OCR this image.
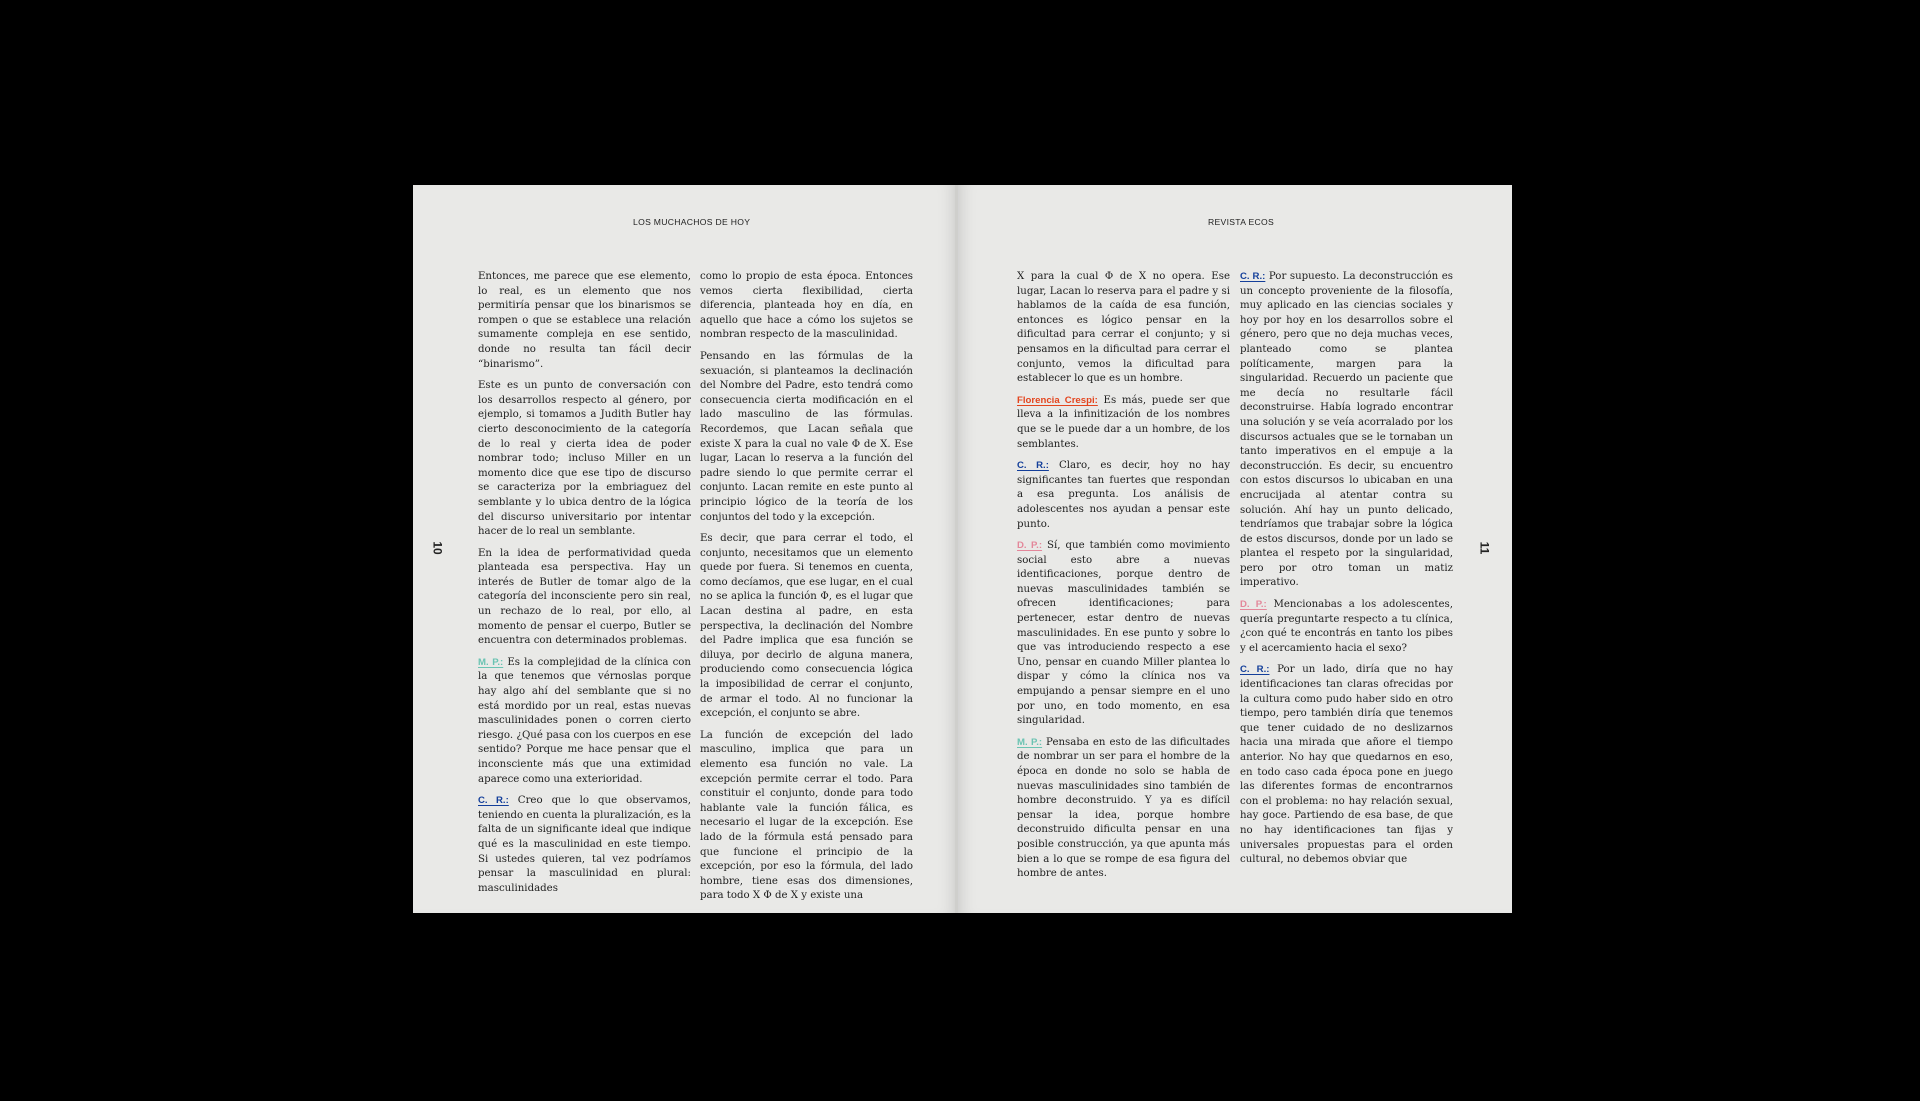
LOS MUCHACHOS DE HOY
10

Entonces, me parece que ese elemento, lo real, es un elemento que nos permitiría pensar que los binarismos se rompen o que se establece una relación sumamente compleja en ese sentido, donde no resulta tan fácil decir “binarismo”.

Este es un punto de conversación con los desarrollos respecto al género, por ejemplo, si tomamos a Judith Butler hay cierto desconocimiento de la categoría de lo real y cierta idea de poder nombrar todo; incluso Miller en un momento dice que ese tipo de discurso se caracteriza por la embriaguez del semblante y lo ubica dentro de la lógica del discurso universitario por intentar hacer de lo real un semblante.

En la idea de performatividad queda planteada esa perspectiva. Hay un interés de Butler de tomar algo de la categoría del inconsciente pero sin real, un rechazo de lo real, por ello, al momento de pensar el cuerpo, Butler se encuentra con determinados problemas.

M. P.: Es la complejidad de la clínica con la que tenemos que vérnoslas porque hay algo ahí del semblante que si no está mordido por un real, estas nuevas masculinidades ponen o corren cierto riesgo. ¿Qué pasa con los cuerpos en ese sentido? Porque me hace pensar que el inconsciente más que una extimidad aparece como una exterioridad.

C. R.: Creo que lo que observamos, teniendo en cuenta la pluralización, es la falta de un significante ideal que indique qué es la masculinidad en este tiempo. Si ustedes quieren, tal vez podríamos pensar la masculinidad en plural: masculinidades

como lo propio de esta época. Entonces vemos cierta flexibilidad, cierta diferencia, planteada hoy en día, en aquello que hace a cómo los sujetos se nombran respecto de la masculinidad.

Pensando en las fórmulas de la sexuación, si planteamos la declinación del Nombre del Padre, esto tendrá como consecuencia cierta modificación en el lado masculino de las fórmulas. Recordemos, que Lacan señala que existe X para la cual no vale Φ de X. Ese lugar, Lacan lo reserva a la función del padre siendo lo que permite cerrar el conjunto. Lacan remite en este punto al principio lógico de la teoría de los conjuntos del todo y la excepción.

Es decir, que para cerrar el todo, el conjunto, necesitamos que un elemento quede por fuera. Si tenemos en cuenta, como decíamos, que ese lugar, en el cual no se aplica la función Φ, es el lugar que Lacan destina al padre, en esta perspectiva, la declinación del Nombre del Padre implica que esa función se diluya, por decirlo de alguna manera, produciendo como consecuencia lógica la imposibilidad de cerrar el conjunto, de armar el todo. Al no funcionar la excepción, el conjunto se abre.

La función de excepción del lado masculino, implica que para un elemento esa función no vale. La excepción permite cerrar el todo. Para constituir el conjunto, donde para todo hablante vale la función fálica, es necesario el lugar de la excepción. Ese lado de la fórmula está pensado para que funcione el principio de la excepción, por eso la fórmula, del lado hombre, tiene esas dos dimensiones, para todo X Φ de X y existe una

REVISTA ECOS
11

X para la cual Φ de X no opera. Ese lugar, Lacan lo reserva para el padre y si hablamos de la caída de esa función, entonces es lógico pensar en la dificultad para cerrar el conjunto; y si pensamos en la dificultad para cerrar el conjunto, vemos la dificultad para establecer lo que es un hombre.

Florencia Crespi: Es más, puede ser que lleva a la infinitización de los nombres que se le puede dar a un hombre, de los semblantes.

C. R.: Claro, es decir, hoy no hay significantes tan fuertes que respondan a esa pregunta. Los análisis de adolescentes nos ayudan a pensar este punto.

D. P.: Sí, que también como movimiento social esto abre a nuevas identificaciones, porque dentro de nuevas masculinidades también se ofrecen identificaciones; para pertenecer, estar dentro de nuevas masculinidades. En ese punto y sobre lo que vas introduciendo respecto a ese Uno, pensar en cuando Miller plantea lo dispar y cómo la clínica nos va empujando a pensar siempre en el uno por uno, en todo momento, en esa singularidad.

M. P.: Pensaba en esto de las dificultades de nombrar un ser para el hombre de la época en donde no solo se habla de nuevas masculinidades sino también de hombre deconstruido. Y ya es difícil pensar la idea, porque hombre deconstruido dificulta pensar en una posible construcción, ya que apunta más bien a lo que se rompe de esa figura del hombre de antes.

C. R.: Por supuesto. La deconstrucción es un concepto proveniente de la filosofía, muy aplicado en las ciencias sociales y hoy por hoy en los desarrollos sobre el género, pero que no deja muchas veces, planteado como se plantea políticamente, margen para la singularidad. Recuerdo un paciente que me decía no resultarle fácil deconstruirse. Había logrado encontrar una solución y se veía acorralado por los discursos actuales que se le tornaban un tanto imperativos en el empuje a la deconstrucción. Es decir, su encuentro con estos discursos lo ubicaban en una encrucijada al atentar contra su solución. Ahí hay un punto delicado, tendríamos que trabajar sobre la lógica de estos discursos, donde por un lado se plantea el respeto por la singularidad, pero por otro toman un matiz imperativo.

D. P.: Mencionabas a los adolescentes, quería preguntarte respecto a tu clínica, ¿con qué te encontrás en tanto los pibes y el acercamiento hacia el sexo?

C. R.: Por un lado, diría que no hay identificaciones tan claras ofrecidas por la cultura como pudo haber sido en otro tiempo, pero también diría que tenemos que tener cuidado de no deslizarnos hacia una mirada que añore el tiempo anterior. No hay que quedarnos en eso, en todo caso cada época pone en juego las diferentes formas de encontrarnos con el problema: no hay relación sexual, hay goce. Partiendo de esa base, de que no hay identificaciones tan fijas y universales propuestas para el orden cultural, no debemos obviar que
